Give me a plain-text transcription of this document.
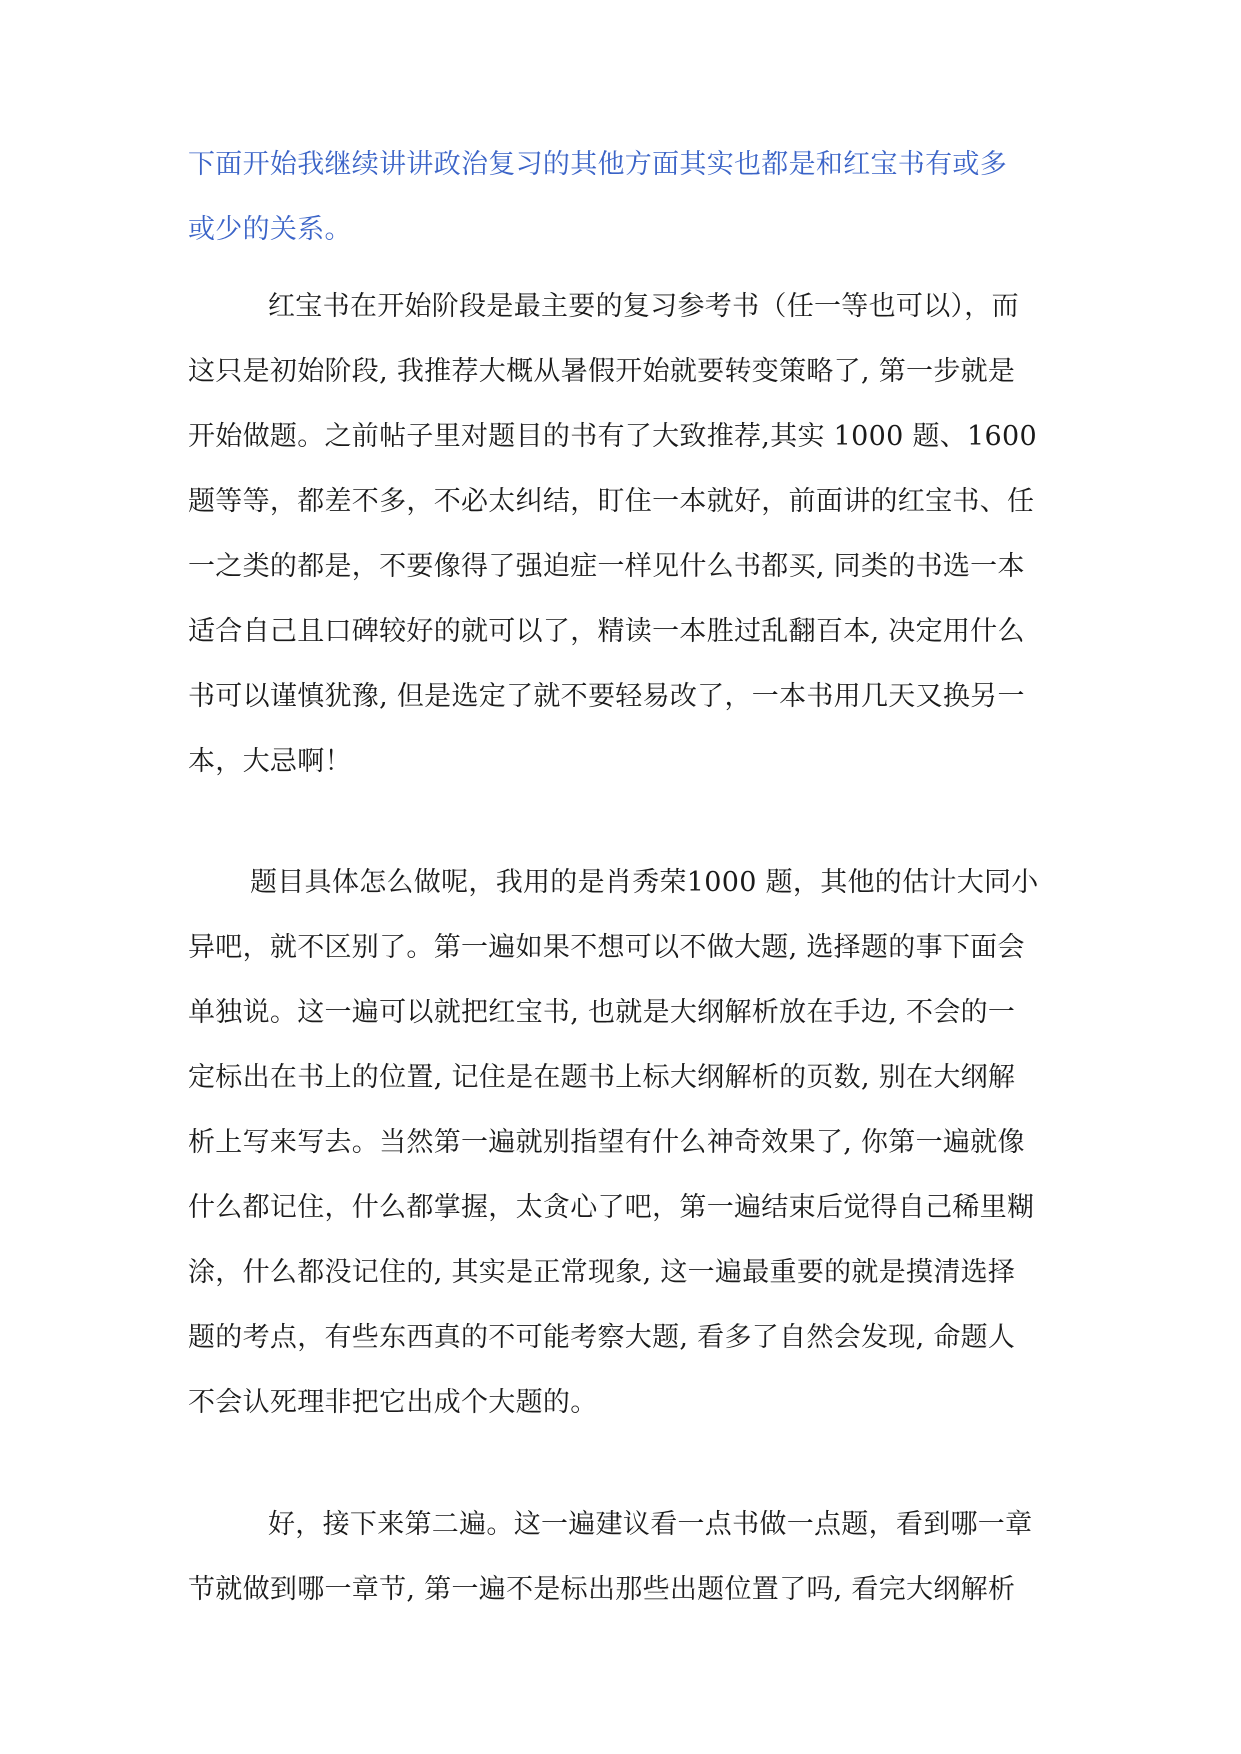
下面开始我继续讲讲政治复习的其他方面其实也都是和红宝书有或多
或少的关系。
红宝书在开始阶段是最主要的复习参考书（任一等也可以），而
这只是初始阶段, 我推荐大概从暑假开始就要转变策略了, 第一步就是
开始做题。之前帖子里对题目的书有了大致推荐,其实 1000 题、1600
题等等，都差不多，不必太纠结，盯住一本就好，前面讲的红宝书、任
一之类的都是，不要像得了强迫症一样见什么书都买, 同类的书选一本
适合自己且口碑较好的就可以了，精读一本胜过乱翻百本, 决定用什么
书可以谨慎犹豫, 但是选定了就不要轻易改了，一本书用几天又换另一
本，大忌啊！
题目具体怎么做呢，我用的是肖秀荣1000 题，其他的估计大同小
异吧，就不区别了。第一遍如果不想可以不做大题, 选择题的事下面会
单独说。这一遍可以就把红宝书, 也就是大纲解析放在手边, 不会的一
定标出在书上的位置, 记住是在题书上标大纲解析的页数, 别在大纲解
析上写来写去。当然第一遍就别指望有什么神奇效果了, 你第一遍就像
什么都记住，什么都掌握，太贪心了吧，第一遍结束后觉得自己稀里糊
涂，什么都没记住的, 其实是正常现象, 这一遍最重要的就是摸清选择
题的考点，有些东西真的不可能考察大题, 看多了自然会发现, 命题人
不会认死理非把它出成个大题的。
好，接下来第二遍。这一遍建议看一点书做一点题，看到哪一章
节就做到哪一章节, 第一遍不是标出那些出题位置了吗, 看完大纲解析
